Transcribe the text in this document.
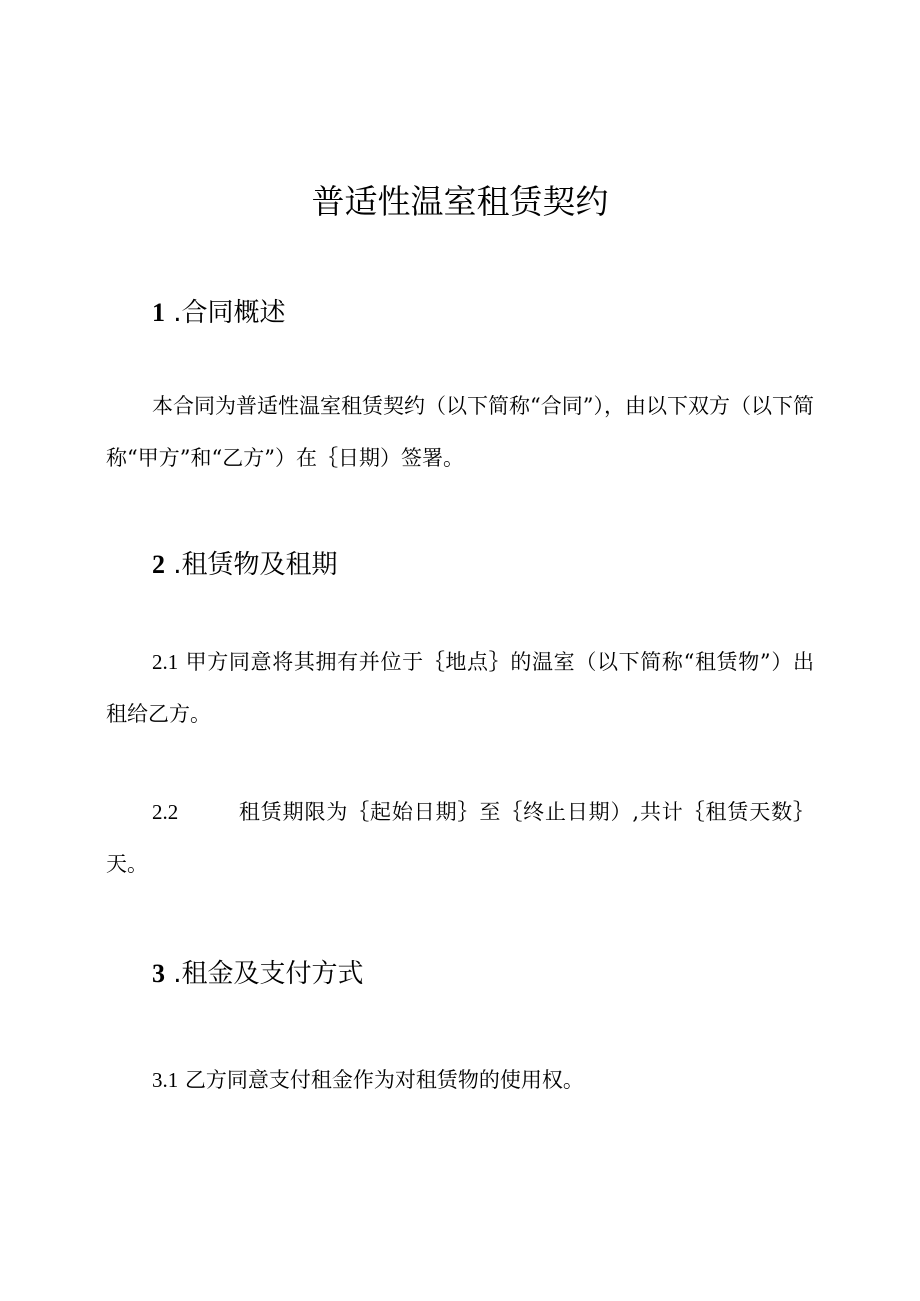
普适性温室租赁契约
1 .合同概述
本合同为普适性温室租赁契约（以下简称“合同”），由以下双方（以下简称“甲方”和“乙方”）在｛日期）签署。
2 .租赁物及租期
2.1 甲方同意将其拥有并位于｛地点｝的温室（以下简称“租赁物”）出租给乙方。
2.2	租赁期限为｛起始日期｝至｛终止日期）,共计｛租赁天数｝天。
3 .租金及支付方式
3.1 乙方同意支付租金作为对租赁物的使用权。
